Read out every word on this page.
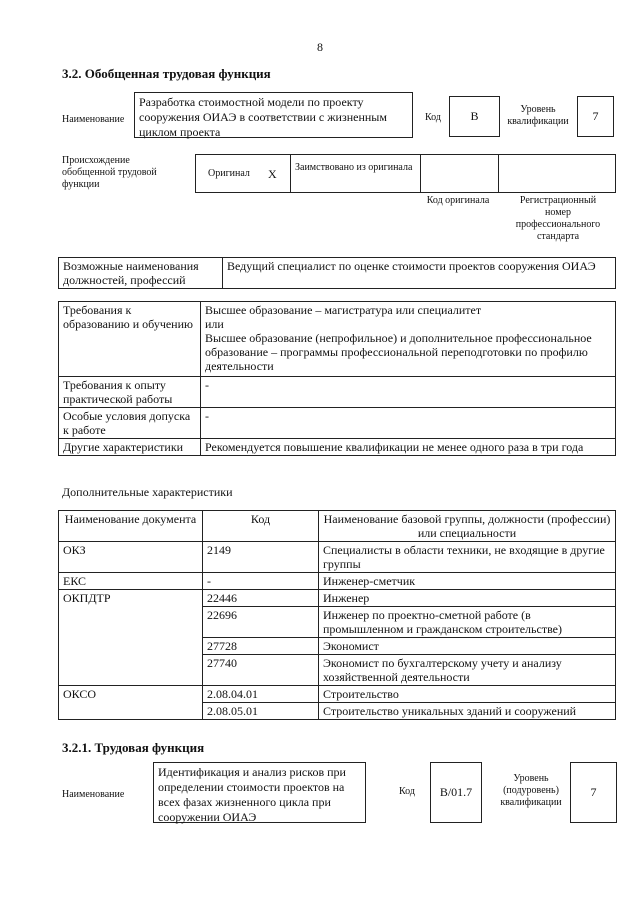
8
3.2. Обобщенная трудовая функция
Наименование
Разработка стоимостной модели по проекту сооружения ОИАЭ в соответствии с жизненным циклом проекта
Код	В	Уровень квалификации	7
Происхождение обобщенной трудовой функции
Оригинал X Заимствовано из оригинала
Код оригинала	Регистрационный номер профессионального стандарта
Возможные наименования должностей, профессий	Ведущий специалист по оценке стоимости проектов сооружения ОИАЭ
Требования к образованию и обучению	Высшее образование – магистратура или специалитет
или
Высшее образование (непрофильное) и дополнительное профессиональное образование – программы профессиональной переподготовки по профилю деятельности
Требования к опыту практической работы	-
Особые условия допуска к работе	-
Другие характеристики	Рекомендуется повышение квалификации не менее одного раза в три года
Дополнительные характеристики
Наименование документа	Код	Наименование базовой группы, должности (профессии) или специальности
ОКЗ	2149	Специалисты в области техники, не входящие в другие группы
ЕКС	-	Инженер-сметчик
ОКПДТР	22446	Инженер
	22696	Инженер по проектно-сметной работе (в промышленном и гражданском строительстве)
	27728	Экономист
	27740	Экономист по бухгалтерскому учету и анализу хозяйственной деятельности
ОКСО	2.08.04.01	Строительство
	2.08.05.01	Строительство уникальных зданий и сооружений
3.2.1. Трудовая функция
Наименование
Идентификация и анализ рисков при определении стоимости проектов на всех фазах жизненного цикла при сооружении ОИАЭ
Код	B/01.7
Уровень (подуровень) квалификации
7
